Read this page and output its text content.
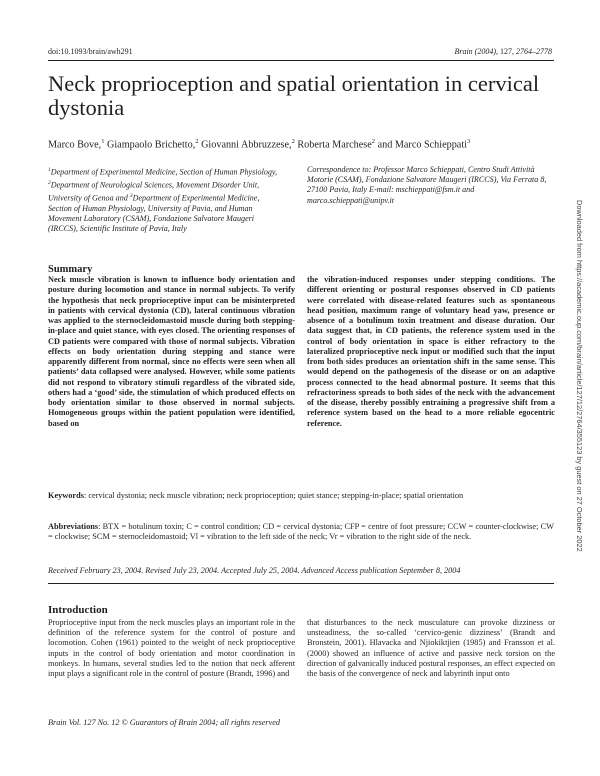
doi:10.1093/brain/awh291	Brain (2004), 127, 2764–2778
Neck proprioception and spatial orientation in cervical dystonia
Marco Bove,$^1$ Giampaolo Brichetto,$^2$ Giovanni Abbruzzese,$^2$ Roberta Marchese$^2$ and Marco Schieppati$^3$
$^1$Department of Experimental Medicine, Section of Human Physiology, $^2$Department of Neurological Sciences, Movement Disorder Unit, University of Genoa and $^3$Department of Experimental Medicine, Section of Human Physiology, University of Pavia, and Human Movement Laboratory (CSAM), Fondazione Salvatore Maugeri (IRCCS), Scientific Institute of Pavia, Italy
Correspondence to: Professor Marco Schieppati, Centro Studi Attività Motorie (CSAM), Fondazione Salvatore Maugeri (IRCCS), Via Ferrata 8, 27100 Pavia, Italy E-mail: mschieppati@fsm.it and marco.schieppati@unipv.it
Summary
Neck muscle vibration is known to influence body orientation and posture during locomotion and stance in normal subjects. To verify the hypothesis that neck proprioceptive input can be misinterpreted in patients with cervical dystonia (CD), lateral continuous vibration was applied to the sternocleidomastoid muscle during both stepping-in-place and quiet stance, with eyes closed. The orienting responses of CD patients were compared with those of normal subjects. Vibration effects on body orientation during stepping and stance were apparently different from normal, since no effects were seen when all patients’ data collapsed were analysed. However, while some patients did not respond to vibratory stimuli regardless of the vibrated side, others had a ‘good’ side, the stimulation of which produced effects on body orientation similar to those observed in normal subjects. Homogeneous groups within the patient population were identified, based on
the vibration-induced responses under stepping conditions. The different orienting or postural responses observed in CD patients were correlated with disease-related features such as spontaneous head position, maximum range of voluntary head yaw, presence or absence of a botulinum toxin treatment and disease duration. Our data suggest that, in CD patients, the reference system used in the control of body orientation in space is either refractory to the lateralized proprioceptive neck input or modified such that the input from both sides produces an orientation shift in the same sense. This would depend on the pathogenesis of the disease or on an adaptive process connected to the head abnormal posture. It seems that this refractoriness spreads to both sides of the neck with the advancement of the disease, thereby possibly entraining a progressive shift from a reference system based on the head to a more reliable egocentric reference.
Keywords: cervical dystonia; neck muscle vibration; neck proprioception; quiet stance; stepping-in-place; spatial orientation
Abbreviations: BTX = botulinum toxin; C = control condition; CD = cervical dystonia; CFP = centre of foot pressure; CCW = counter-clockwise; CW = clockwise; SCM = sternocleidomastoid; Vl = vibration to the left side of the neck; Vr = vibration to the right side of the neck.
Received February 23, 2004. Revised July 23, 2004. Accepted July 25, 2004. Advanced Access publication September 8, 2004
Introduction
Proprioceptive input from the neck muscles plays an important role in the definition of the reference system for the control of posture and locomotion. Cohen (1961) pointed to the weight of neck proprioceptive inputs in the control of body orientation and motor coordination in monkeys. In humans, several studies led to the notion that neck afferent input plays a significant role in the control of posture (Brandt, 1996) and
that disturbances to the neck musculature can provoke dizziness or unsteadiness, the so-called ‘cervico-genic dizziness’ (Brandt and Bronstein, 2001). Hlavacka and Njiokiktjien (1985) and Fransson et al. (2000) showed an influence of active and passive neck torsion on the direction of galvanically induced postural responses, an effect expected on the basis of the convergence of neck and labyrinth input onto
Brain Vol. 127 No. 12 © Guarantors of Brain 2004; all rights reserved
Downloaded from https://academic.oup.com/brain/article/127/12/2764/355123 by guest on 27 October 2022
